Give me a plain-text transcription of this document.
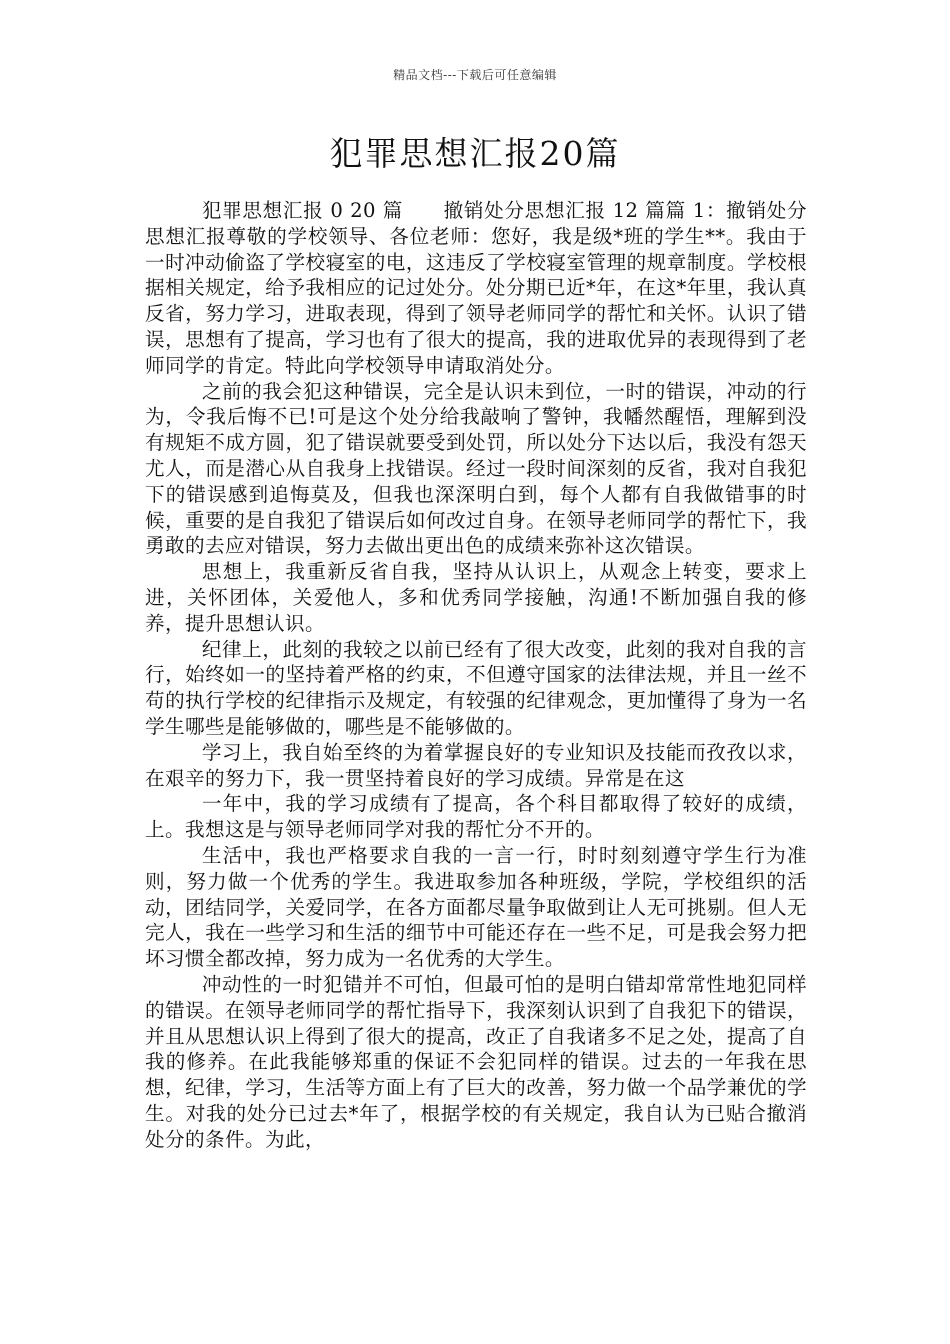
精品文档---下载后可任意编辑
犯罪思想汇报20篇

犯罪思想汇报 0 20 篇　　撤销处分思想汇报 12 篇篇 1：撤销处分思想汇报尊敬的学校领导、各位老师：您好，我是级*班的学生**。我由于一时冲动偷盗了学校寝室的电，这违反了学校寝室管理的规章制度。学校根据相关规定，给予我相应的记过处分。处分期已近*年，在这*年里，我认真反省，努力学习，进取表现，得到了领导老师同学的帮忙和关怀。认识了错误，思想有了提高，学习也有了很大的提高，我的进取优异的表现得到了老师同学的肯定。特此向学校领导申请取消处分。

之前的我会犯这种错误，完全是认识未到位，一时的错误，冲动的行为，令我后悔不已!可是这个处分给我敲响了警钟，我幡然醒悟，理解到没有规矩不成方圆，犯了错误就要受到处罚，所以处分下达以后，我没有怨天尤人，而是潜心从自我身上找错误。经过一段时间深刻的反省，我对自我犯下的错误感到追悔莫及，但我也深深明白到，每个人都有自我做错事的时候，重要的是自我犯了错误后如何改过自身。在领导老师同学的帮忙下，我勇敢的去应对错误，努力去做出更出色的成绩来弥补这次错误。

思想上，我重新反省自我，坚持从认识上，从观念上转变，要求上进，关怀团体，关爱他人，多和优秀同学接触，沟通!不断加强自我的修养，提升思想认识。

纪律上，此刻的我较之以前已经有了很大改变，此刻的我对自我的言行，始终如一的坚持着严格的约束，不但遵守国家的法律法规，并且一丝不苟的执行学校的纪律指示及规定，有较强的纪律观念，更加懂得了身为一名学生哪些是能够做的，哪些是不能够做的。

学习上，我自始至终的为着掌握良好的专业知识及技能而孜孜以求，在艰辛的努力下，我一贯坚持着良好的学习成绩。异常是在这

一年中，我的学习成绩有了提高，各个科目都取得了较好的成绩，上。我想这是与领导老师同学对我的帮忙分不开的。

生活中，我也严格要求自我的一言一行，时时刻刻遵守学生行为准则，努力做一个优秀的学生。我进取参加各种班级，学院，学校组织的活动，团结同学，关爱同学，在各方面都尽量争取做到让人无可挑剔。但人无完人，我在一些学习和生活的细节中可能还存在一些不足，可是我会努力把坏习惯全都改掉，努力成为一名优秀的大学生。

冲动性的一时犯错并不可怕，但最可怕的是明白错却常常性地犯同样的错误。在领导老师同学的帮忙指导下，我深刻认识到了自我犯下的错误，并且从思想认识上得到了很大的提高，改正了自我诸多不足之处，提高了自我的修养。在此我能够郑重的保证不会犯同样的错误。过去的一年我在思想，纪律，学习，生活等方面上有了巨大的改善，努力做一个品学兼优的学生。对我的处分已过去*年了，根据学校的有关规定，我自认为已贴合撤消处分的条件。为此，
